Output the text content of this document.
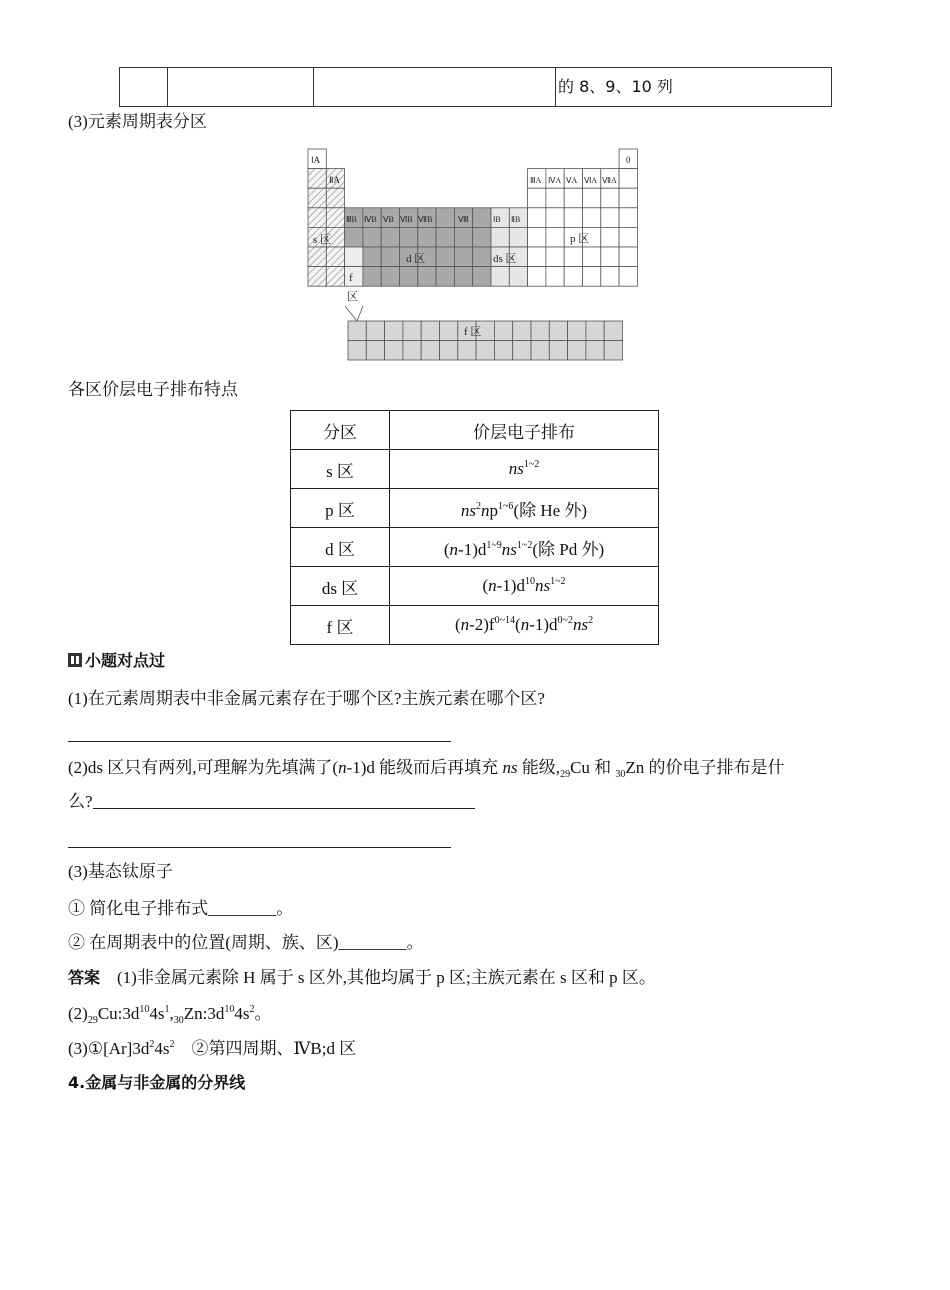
的 8、9、10 列
(3)元素周期表分区
ⅠA
ⅡA
ⅢB ⅣB ⅤB ⅥB ⅦB	Ⅷ	ⅠB ⅡB
ⅢA ⅣA ⅤA ⅥA ⅦA
0
s 区
d 区	ds 区
p 区
f
区
f 区
各区价层电子排布特点
分区	价层电子排布
s 区	$ns^{1\sim 2}$
p 区	$ns^2np^{1\sim 6}$(除 He 外)
d 区	$(n-1)d^{1\sim 9}ns^{1\sim 2}$(除 Pd 外)
ds 区	$(n-1)d^{10}ns^{1\sim 2}$
f 区	$(n-2)f^{0\sim 14}(n-1)d^{0\sim 2}ns^2$
小题对点过
(1)在元素周期表中非金属元素存在于哪个区?主族元素在哪个区?
(2)ds 区只有两列,可理解为先填满了(n-1)d 能级而后再填充 ns 能级$,_{29}Cu$ 和 $_{30}$Zn 的价电子排布是什
么?
(3)基态钛原子
① 简化电子排布式________。
② 在周期表中的位置(周期、族、区)________。
答案    (1)非金属元素除 H 属于 s 区外,其他均属于 p 区;主族元素在 s 区和 p 区。
$(2)_{29}Cu:3d^{10}4s^1,_{30}Zn:3d^{10}4s^2$。
$(3)①[Ar]3d^24s^2$　②第四周期、ⅣB;d 区
4.金属与非金属的分界线
